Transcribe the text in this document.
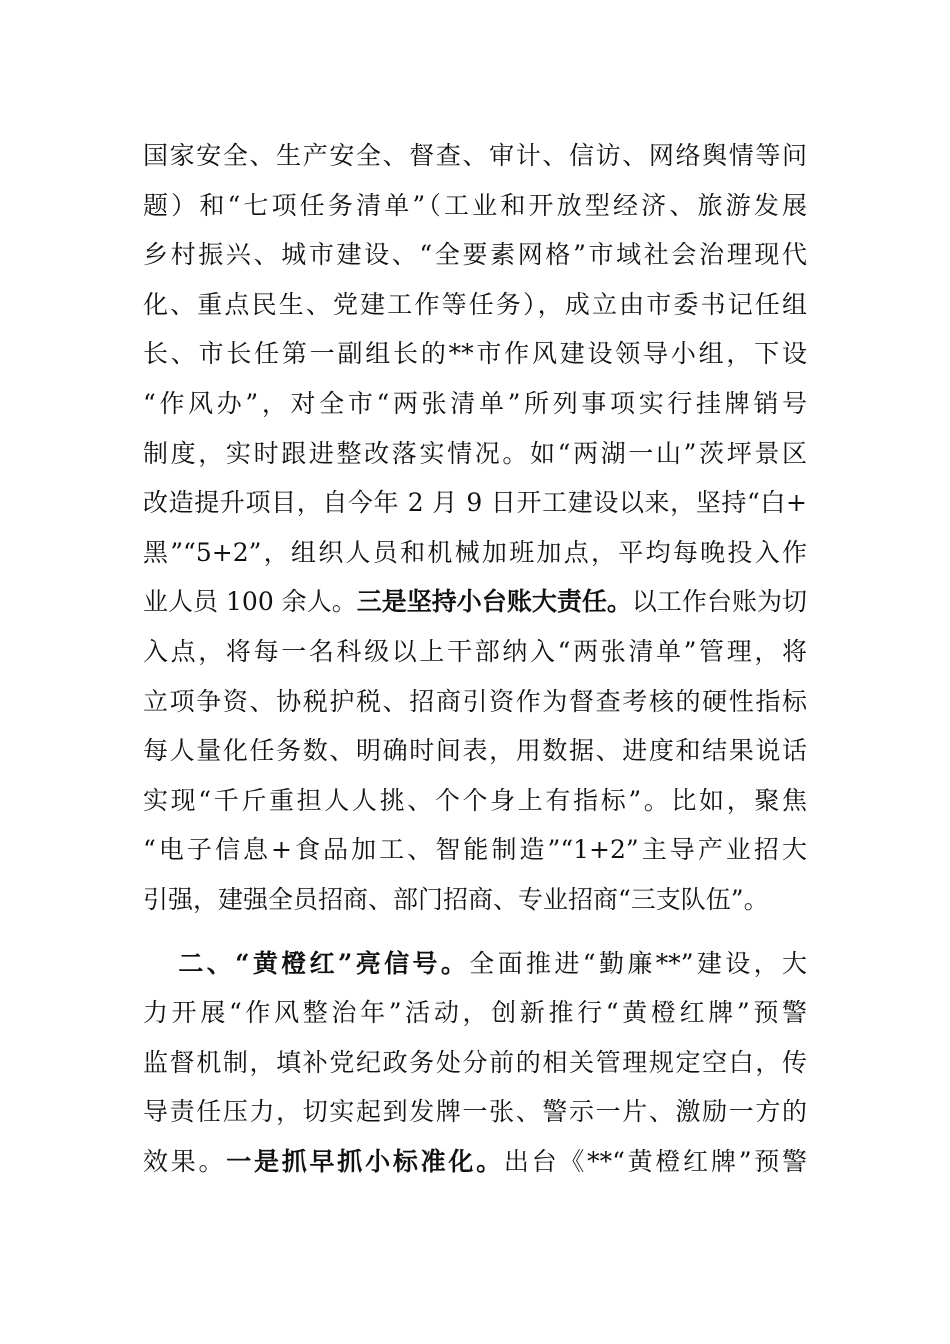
国家安全、生产安全、督查、审计、信访、网络舆情等问
题）和“七项任务清单”（工业和开放型经济、旅游发展
乡村振兴、城市建设、“全要素网格”市域社会治理现代
化、重点民生、党建工作等任务），成立由市委书记任组
长、市长任第一副组长的**市作风建设领导小组，下设
“作风办”，对全市“两张清单”所列事项实行挂牌销号
制度，实时跟进整改落实情况。如“两湖一山”茨坪景区
改造提升项目，自今年 2 月 9 日开工建设以来，坚持“白+
黑”“5+2”，组织人员和机械加班加点，平均每晚投入作
业人员 100 余人。三是坚持小台账大责任。以工作台账为切
入点，将每一名科级以上干部纳入“两张清单”管理，将
立项争资、协税护税、招商引资作为督查考核的硬性指标
每人量化任务数、明确时间表，用数据、进度和结果说话
实现“千斤重担人人挑、个个身上有指标”。比如，聚焦
“电子信息+食品加工、智能制造”“1+2”主导产业招大
引强，建强全员招商、部门招商、专业招商“三支队伍”。
二、“黄橙红”亮信号。全面推进“勤廉**”建设，大
力开展“作风整治年”活动，创新推行“黄橙红牌”预警
监督机制，填补党纪政务处分前的相关管理规定空白，传
导责任压力，切实起到发牌一张、警示一片、激励一方的
效果。一是抓早抓小标准化。出台《**“黄橙红牌”预警
